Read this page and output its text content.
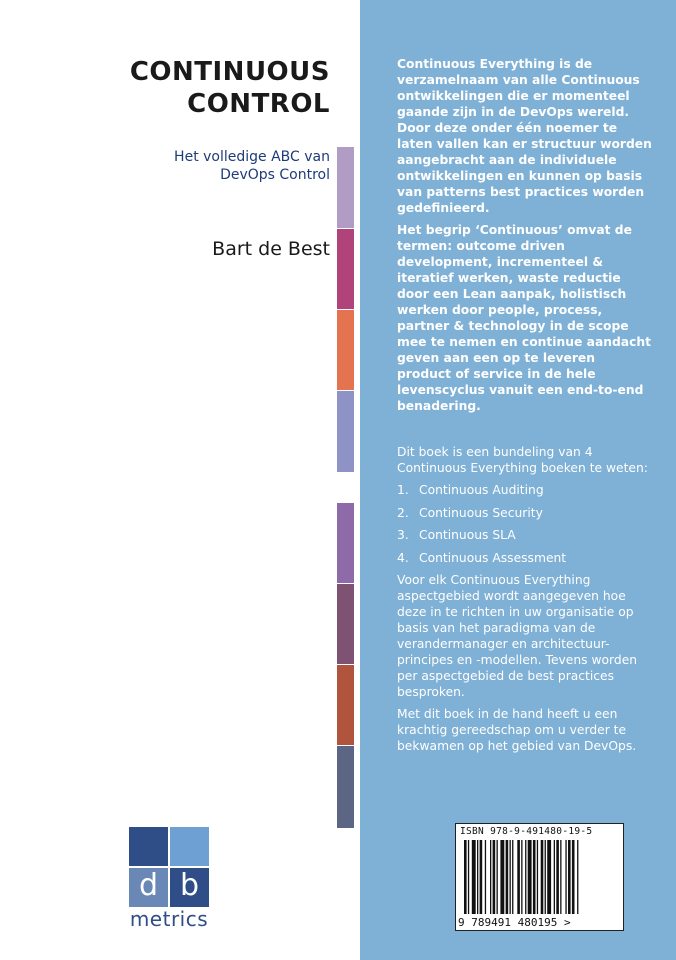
CONTINUOUS
CONTROL
Het volledige ABC van
DevOps Control
Bart de Best
d b
metrics

Continuous Everything is de verzamelnaam van alle Continuous ontwikkelingen die er momenteel gaande zijn in de DevOps wereld. Door deze onder één noemer te laten vallen kan er structuur worden aangebracht aan de individuele ontwikkelingen en kunnen op basis van patterns best practices worden gedefinieerd.

Het begrip ‘Continuous’ omvat de termen: outcome driven development, incrementeel & iteratief werken, waste reductie door een Lean aanpak, holistisch werken door people, process, partner & technology in de scope mee te nemen en continue aandacht geven aan een op te leveren product of service in de hele levenscyclus vanuit een end-to-end benadering.

Dit boek is een bundeling van 4 Continuous Everything boeken te weten:

1. Continuous Auditing
2. Continuous Security
3. Continuous SLA
4. Continuous Assessment

Voor elk Continuous Everything aspectgebied wordt aangegeven hoe deze in te richten in uw organisatie op basis van het paradigma van de verandermanager en architectuur-principes en -modellen. Tevens worden per aspectgebied de best practices besproken.

Met dit boek in de hand heeft u een krachtig gereedschap om u verder te bekwamen op het gebied van DevOps.

ISBN 978-9-491480-19-5
9 789491 480195 >
